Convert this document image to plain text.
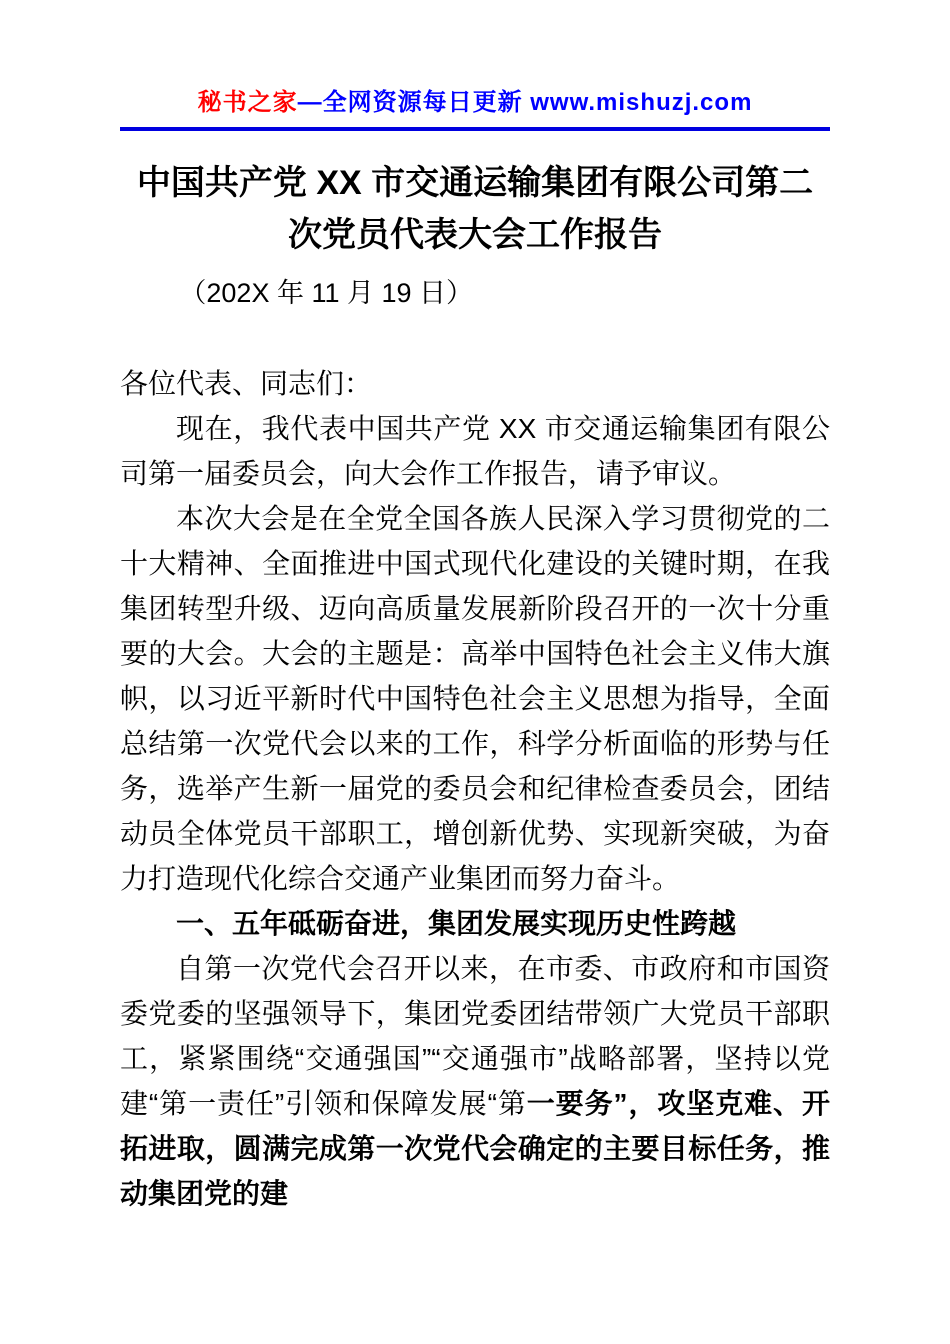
秘书之家—全网资源每日更新 www.mishuzj.com
中国共产党 XX 市交通运输集团有限公司第二次党员代表大会工作报告

（202X 年 11 月 19 日）

各位代表、同志们：

现在，我代表中国共产党 XX 市交通运输集团有限公司第一届委员会，向大会作工作报告，请予审议。

本次大会是在全党全国各族人民深入学习贯彻党的二十大精神、全面推进中国式现代化建设的关键时期，在我集团转型升级、迈向高质量发展新阶段召开的一次十分重要的大会。大会的主题是：高举中国特色社会主义伟大旗帜，以习近平新时代中国特色社会主义思想为指导，全面总结第一次党代会以来的工作，科学分析面临的形势与任务，选举产生新一届党的委员会和纪律检查委员会，团结动员全体党员干部职工，增创新优势、实现新突破，为奋力打造现代化综合交通产业集团而努力奋斗。

一、五年砥砺奋进，集团发展实现历史性跨越

自第一次党代会召开以来，在市委、市政府和市国资委党委的坚强领导下，集团党委团结带领广大党员干部职工，紧紧围绕“交通强国”“交通强市”战略部署，坚持以党建“第一责任”引领和保障发展“第一要务”，攻坚克难、开拓进取，圆满完成第一次党代会确定的主要目标任务，推动集团党的建
